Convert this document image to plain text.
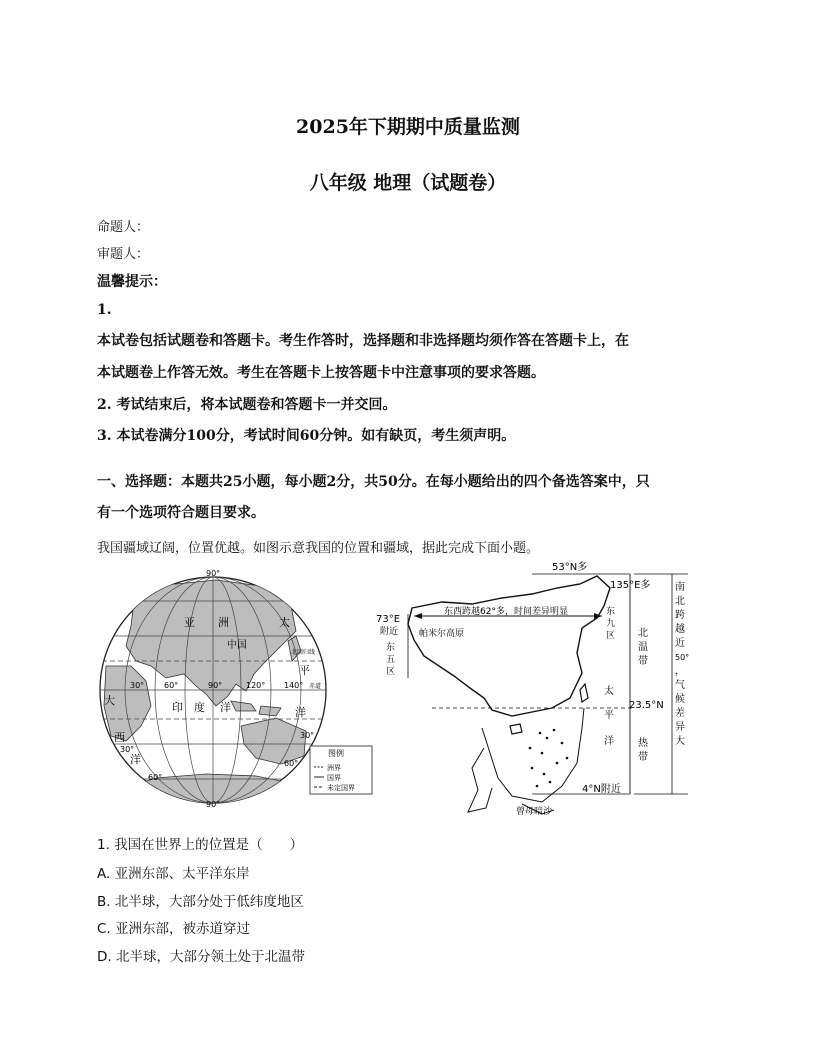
2025年下期期中质量监测
八年级 地理（试题卷）
命题人：
审题人：
温馨提示：
1.
本试卷包括试题卷和答题卡。考生作答时，选择题和非选择题均须作答在答题卡上，在
本试题卷上作答无效。考生在答题卡上按答题卡中注意事项的要求答题。
2. 考试结束后，将本试题卷和答题卡一并交回。
3. 本试卷满分100分，考试时间60分钟。如有缺页，考生须声明。
一、选择题：本题共25小题，每小题2分，共50分。在每小题给出的四个备选答案中，只
有一个选项符合题目要求。
我国疆域辽阔，位置优越。如图示意我国的位置和疆域，据此完成下面小题。
90°
90°
30° 60°	90°	120° 140°
30°
60°
60°
30°
中国
亚 洲	太
平
洋
印 度 洋
大
西
洋
北回归线
赤道
图例
洲界
国界
未定国界
53°N多
135°E多
73°E
附近
东
五
区
东
九
区
东西跨越62°多，时间差异明显
帕米尔高原	北
温
带
23.5°N
热
带
太
平
洋
4°N附近
曾母暗沙
南
北
跨
越
近
50°
，
气
候
差
异
大
1. 我国在世界上的位置是（　　）
A. 亚洲东部、太平洋东岸
B. 北半球，大部分处于低纬度地区
C. 亚洲东部，被赤道穿过
D. 北半球，大部分领土处于北温带
